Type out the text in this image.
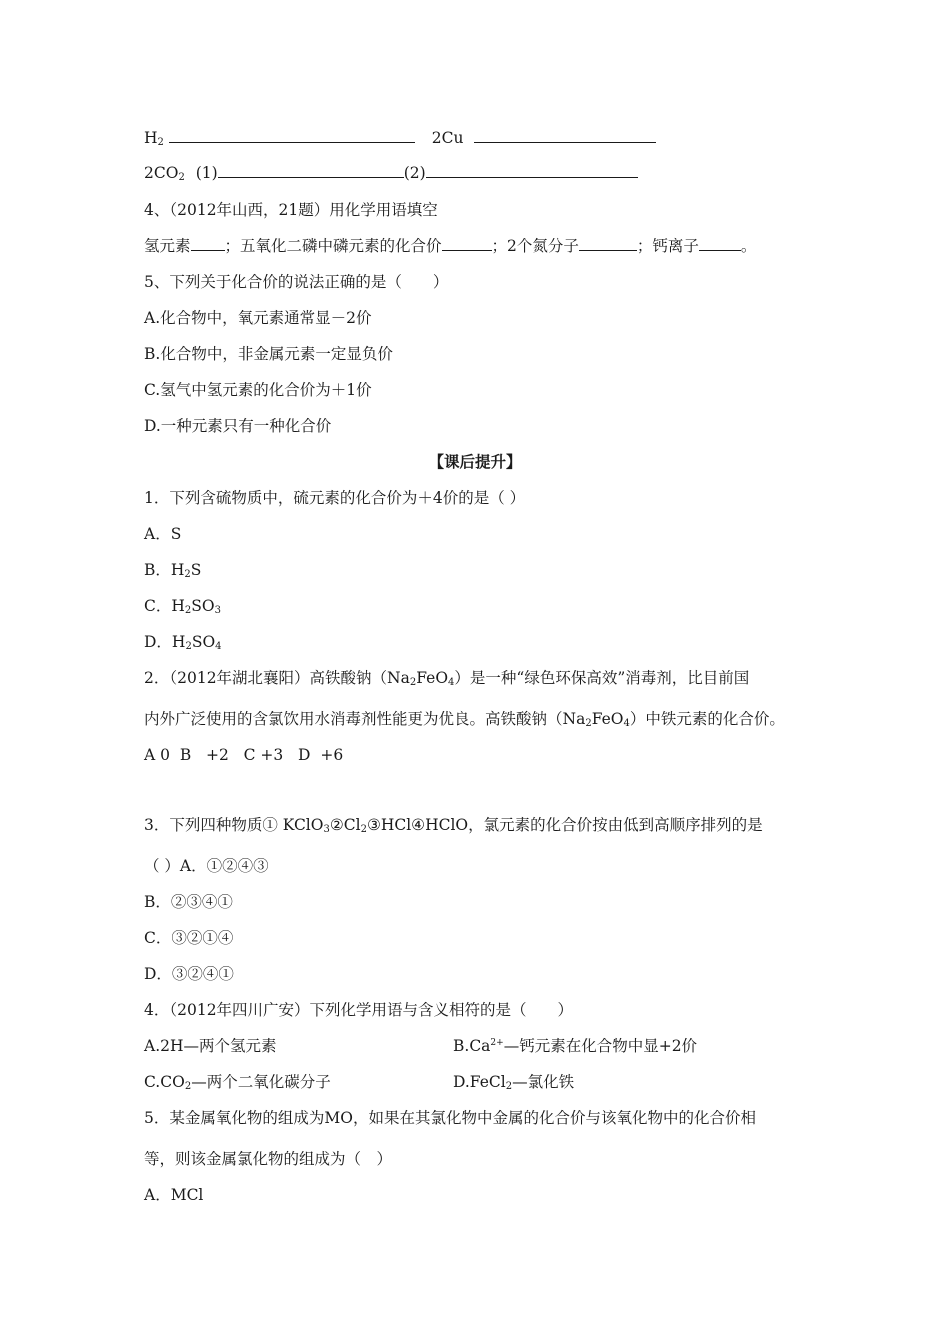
$H_2$	2Cu
$2CO_2$ (1)	(2)
4、（2012年山西，21题）用化学用语填空
氢元素 ；五氧化二磷中磷元素的化合价	；2个氮分子	；钙离子	。
5、下列关于化合价的说法正确的是（　　）
A.化合物中，氧元素通常显－2价
B.化合物中，非金属元素一定显负价
C.氢气中氢元素的化合价为＋1价
D.一种元素只有一种化合价
【课后提升】
1．下列含硫物质中，硫元素的化合价为＋4价的是（ ）
A．S
B．$H_2S$
C．$H_2SO_3$
D．$H_2SO_4$
2．（2012年湖北襄阳）高铁酸钠$(Na_2FeO_4)$是一种“绿色环保高效”消毒剂，比目前国
内外广泛使用的含氯饮用水消毒剂性能更为优良。高铁酸钠$(Na_2FeO_4)$中铁元素的化合价。
A 0  B   +2   C +3   D  +6
3．下列四种物质① $KClO_3②Cl_2③HCl④HClO$，氯元素的化合价按由低到高顺序排列的是
（ ）A．①②④③
B．②③④①
C．③②①④
D．③②④①
4．（2012年四川广安）下列化学用语与含义相符的是（　　）
A.2H—两个氢元素	$B.Ca^{2+}—$钙元素在化合物中显+2价
$C.CO_2—$两个二氧化碳分子	D.FeCl$_2$—氯化铁
5．某金属氧化物的组成为MO，如果在其氯化物中金属的化合价与该氧化物中的化合价相
等，则该金属氯化物的组成为（　）
A．MCl
